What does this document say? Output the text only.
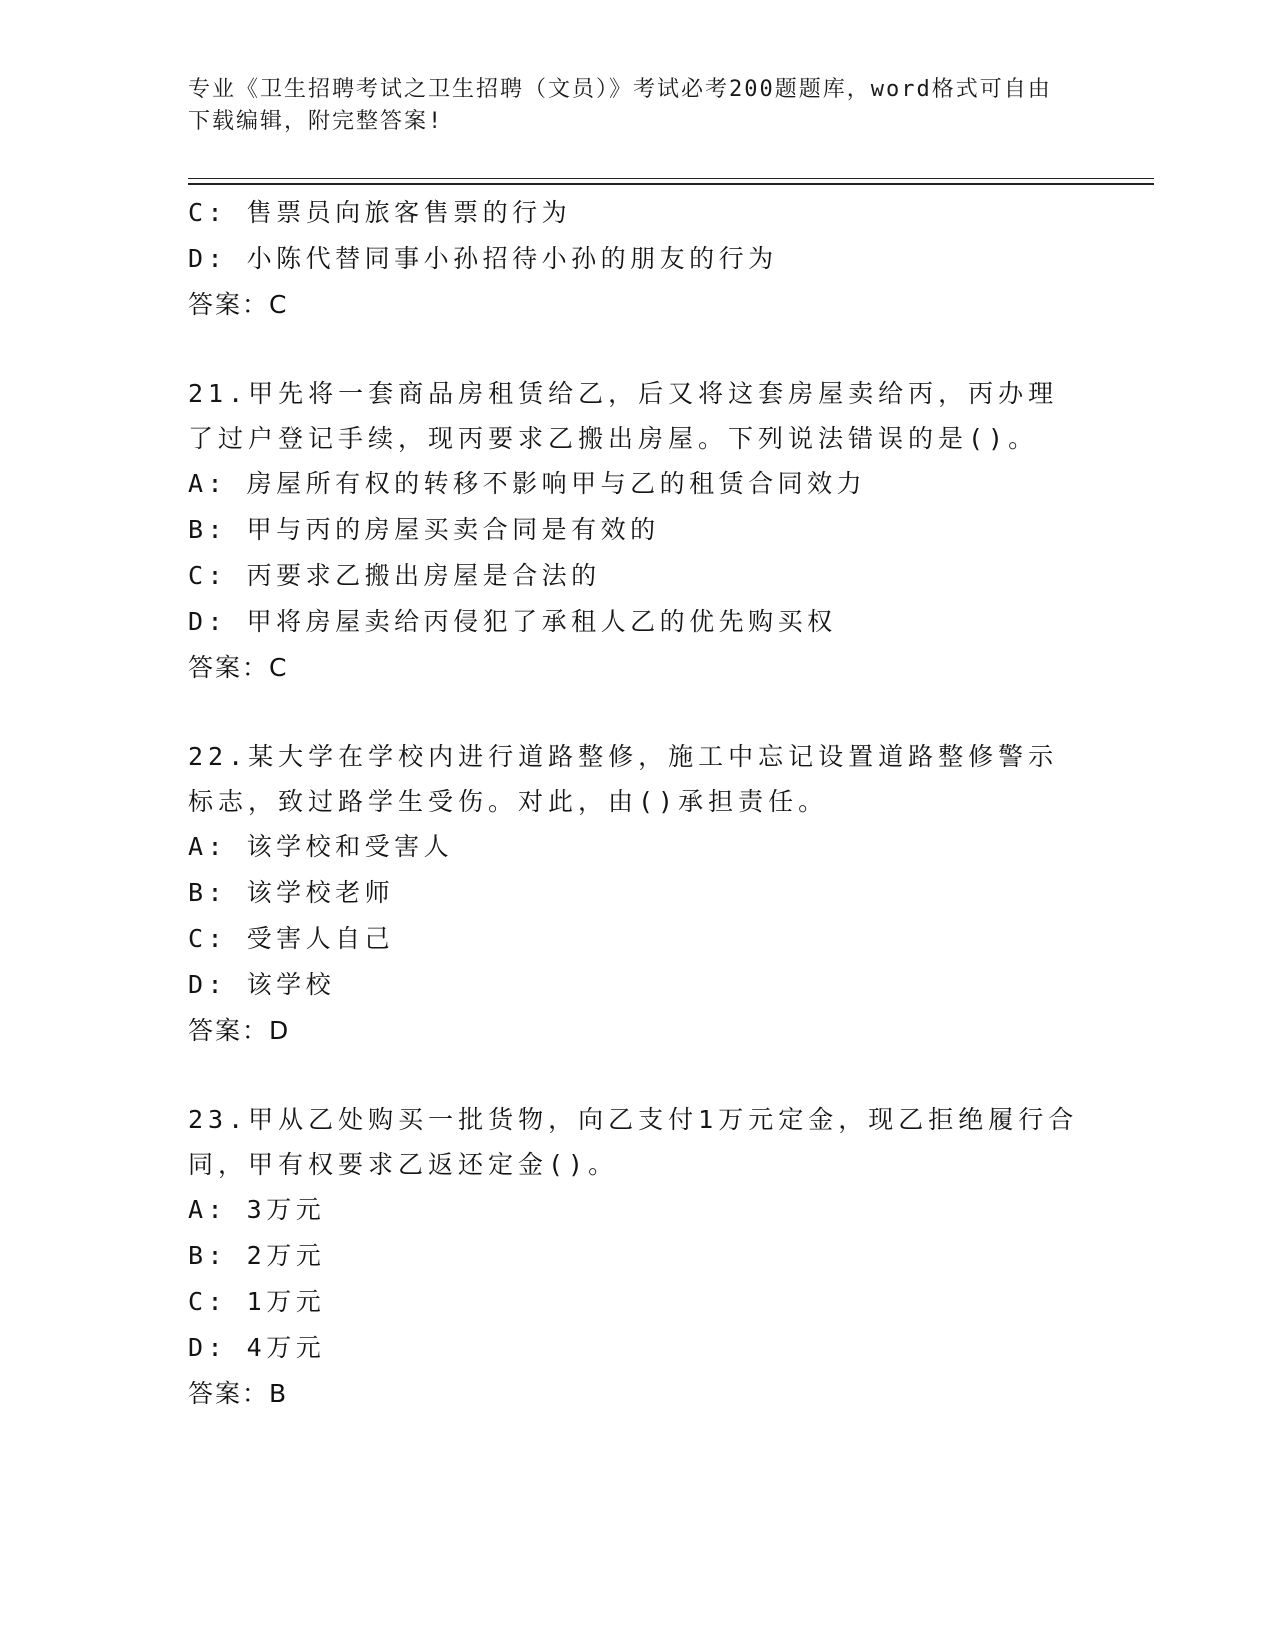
专业《卫生招聘考试之卫生招聘（文员）》考试必考200题题库，word格式可自由下载编辑，附完整答案!
C: 售票员向旅客售票的行为
D: 小陈代替同事小孙招待小孙的朋友的行为
答案：C
21.甲先将一套商品房租赁给乙，后又将这套房屋卖给丙，丙办理了过户登记手续，现丙要求乙搬出房屋。下列说法错误的是()。
A: 房屋所有权的转移不影响甲与乙的租赁合同效力
B: 甲与丙的房屋买卖合同是有效的
C: 丙要求乙搬出房屋是合法的
D: 甲将房屋卖给丙侵犯了承租人乙的优先购买权
答案：C
22.某大学在学校内进行道路整修，施工中忘记设置道路整修警示标志，致过路学生受伤。对此，由()承担责任。
A: 该学校和受害人
B: 该学校老师
C: 受害人自己
D: 该学校
答案：D
23.甲从乙处购买一批货物，向乙支付1万元定金，现乙拒绝履行合同，甲有权要求乙返还定金()。
A: 3万元
B: 2万元
C: 1万元
D: 4万元
答案：B
